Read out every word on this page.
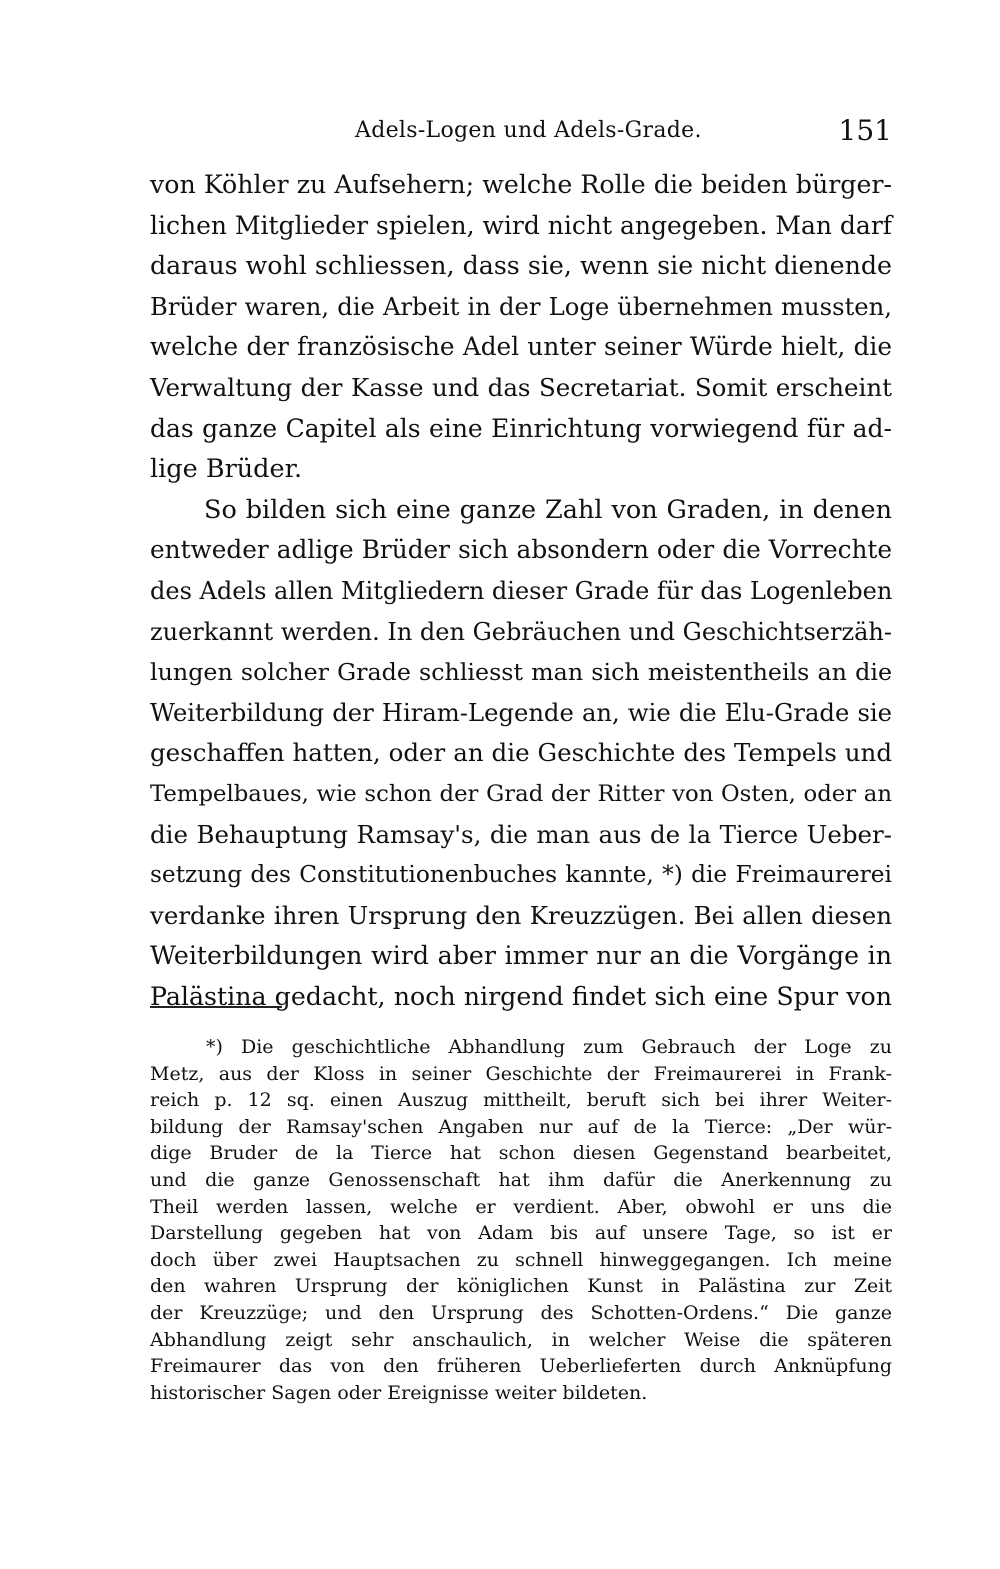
Adels-Logen und Adels-Grade.	151
von Köhler zu Aufsehern; welche Rolle die beiden bürger-
lichen Mitglieder spielen, wird nicht angegeben. Man darf
daraus wohl schliessen, dass sie, wenn sie nicht dienende
Brüder waren, die Arbeit in der Loge übernehmen mussten,
welche der französische Adel unter seiner Würde hielt, die
Verwaltung der Kasse und das Secretariat. Somit erscheint
das ganze Capitel als eine Einrichtung vorwiegend für ad-
lige Brüder.
So bilden sich eine ganze Zahl von Graden, in denen
entweder adlige Brüder sich absondern oder die Vorrechte
des Adels allen Mitgliedern dieser Grade für das Logenleben
zuerkannt werden. In den Gebräuchen und Geschichtserzäh-
lungen solcher Grade schliesst man sich meistentheils an die
Weiterbildung der Hiram-Legende an, wie die Elu-Grade sie
geschaffen hatten, oder an die Geschichte des Tempels und
Tempelbaues, wie schon der Grad der Ritter von Osten, oder an
die Behauptung Ramsay's, die man aus de la Tierce Ueber-
setzung des Constitutionenbuches kannte, *) die Freimaurerei
verdanke ihren Ursprung den Kreuzzügen. Bei allen diesen
Weiterbildungen wird aber immer nur an die Vorgänge in
Palästina gedacht, noch nirgend findet sich eine Spur von
*) Die geschichtliche Abhandlung zum Gebrauch der Loge zu
Metz, aus der Kloss in seiner Geschichte der Freimaurerei in Frank-
reich p. 12 sq. einen Auszug mittheilt, beruft sich bei ihrer Weiter-
bildung der Ramsay'schen Angaben nur auf de la Tierce: „Der wür-
dige Bruder de la Tierce hat schon diesen Gegenstand bearbeitet,
und die ganze Genossenschaft hat ihm dafür die Anerkennung zu
Theil werden lassen, welche er verdient. Aber, obwohl er uns die
Darstellung gegeben hat von Adam bis auf unsere Tage, so ist er
doch über zwei Hauptsachen zu schnell hinweggegangen. Ich meine
den wahren Ursprung der königlichen Kunst in Palästina zur Zeit
der Kreuzzüge; und den Ursprung des Schotten-Ordens.“ Die ganze
Abhandlung zeigt sehr anschaulich, in welcher Weise die späteren
Freimaurer das von den früheren Ueberlieferten durch Anknüpfung
historischer Sagen oder Ereignisse weiter bildeten.
